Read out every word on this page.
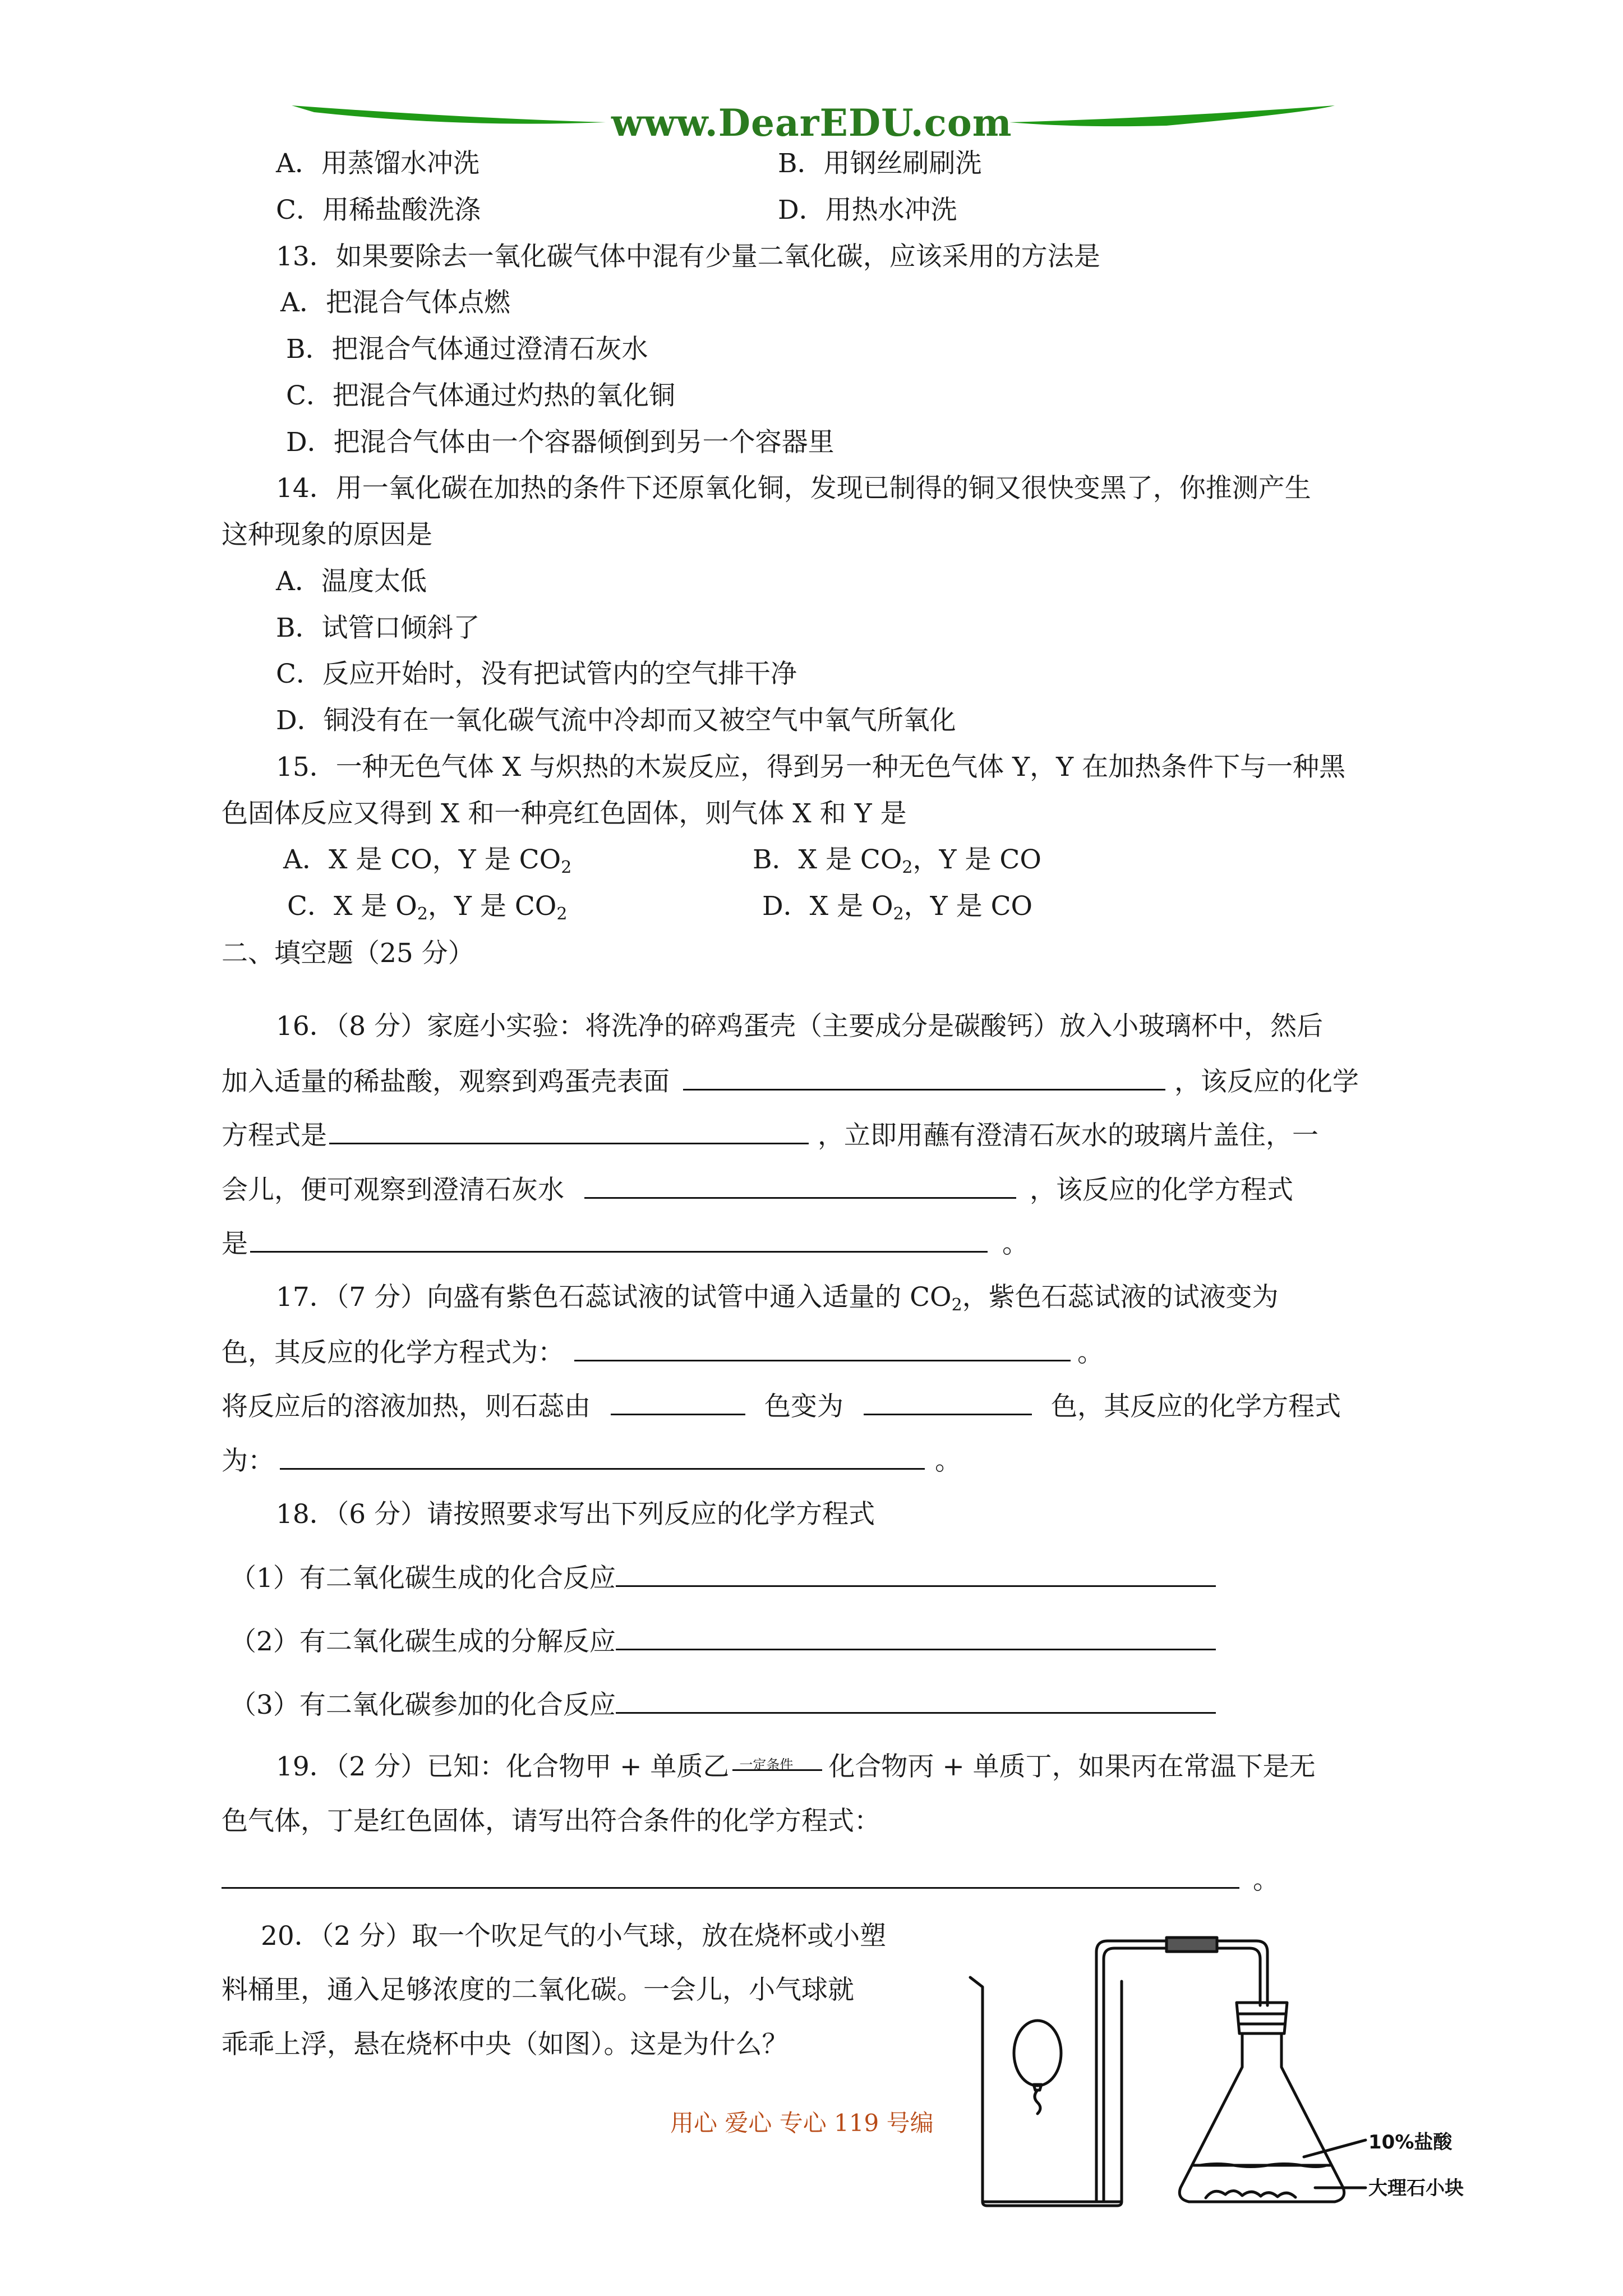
www.DearEDU.com
A．用蒸馏水冲洗	B．用钢丝刷刷洗
C．用稀盐酸洗涤	D．用热水冲洗
13．如果要除去一氧化碳气体中混有少量二氧化碳，应该采用的方法是
A．把混合气体点燃
B．把混合气体通过澄清石灰水
C．把混合气体通过灼热的氧化铜
D．把混合气体由一个容器倾倒到另一个容器里
14．用一氧化碳在加热的条件下还原氧化铜，发现已制得的铜又很快变黑了，你推测产生
这种现象的原因是
A．温度太低
B．试管口倾斜了
C．反应开始时，没有把试管内的空气排干净
D．铜没有在一氧化碳气流中冷却而又被空气中氧气所氧化
15．一种无色气体 X 与炽热的木炭反应，得到另一种无色气体 Y，Y 在加热条件下与一种黑
色固体反应又得到 X 和一种亮红色固体，则气体 X 和 Y 是
A．X 是 CO，Y 是 $CO_2$	B．X 是 $CO_2$，Y 是 CO
C．X 是 $O_2$，Y 是 $CO_2$	D．X 是 $O_2$，Y 是 CO
二、填空题（25 分）
16．（8 分）家庭小实验：将洗净的碎鸡蛋壳（主要成分是碳酸钙）放入小玻璃杯中，然后
加入适量的稀盐酸，观察到鸡蛋壳表面	，该反应的化学
方程式是	，立即用蘸有澄清石灰水的玻璃片盖住，一
会儿，便可观察到澄清石灰水	，该反应的化学方程式
是	。
17．（7 分）向盛有紫色石蕊试液的试管中通入适量的 $CO_2$，紫色石蕊试液的试液变为
色，其反应的化学方程式为：	。
将反应后的溶液加热，则石蕊由	色变为	色，其反应的化学方程式
为：	。
18．（6 分）请按照要求写出下列反应的化学方程式
（1）有二氧化碳生成的化合反应
（2）有二氧化碳生成的分解反应
（3）有二氧化碳参加的化合反应
19．（2 分）已知：化合物甲 + 单质乙 一定条件 化合物丙 + 单质丁，如果丙在常温下是无
色气体，丁是红色固体，请写出符合条件的化学方程式：
。
20．（2 分）取一个吹足气的小气球，放在烧杯或小塑
料桶里，通入足够浓度的二氧化碳。一会儿，小气球就
乖乖上浮，悬在烧杯中央（如图）。这是为什么？
10%盐酸
大理石小块
用心 爱心 专心 119 号编
